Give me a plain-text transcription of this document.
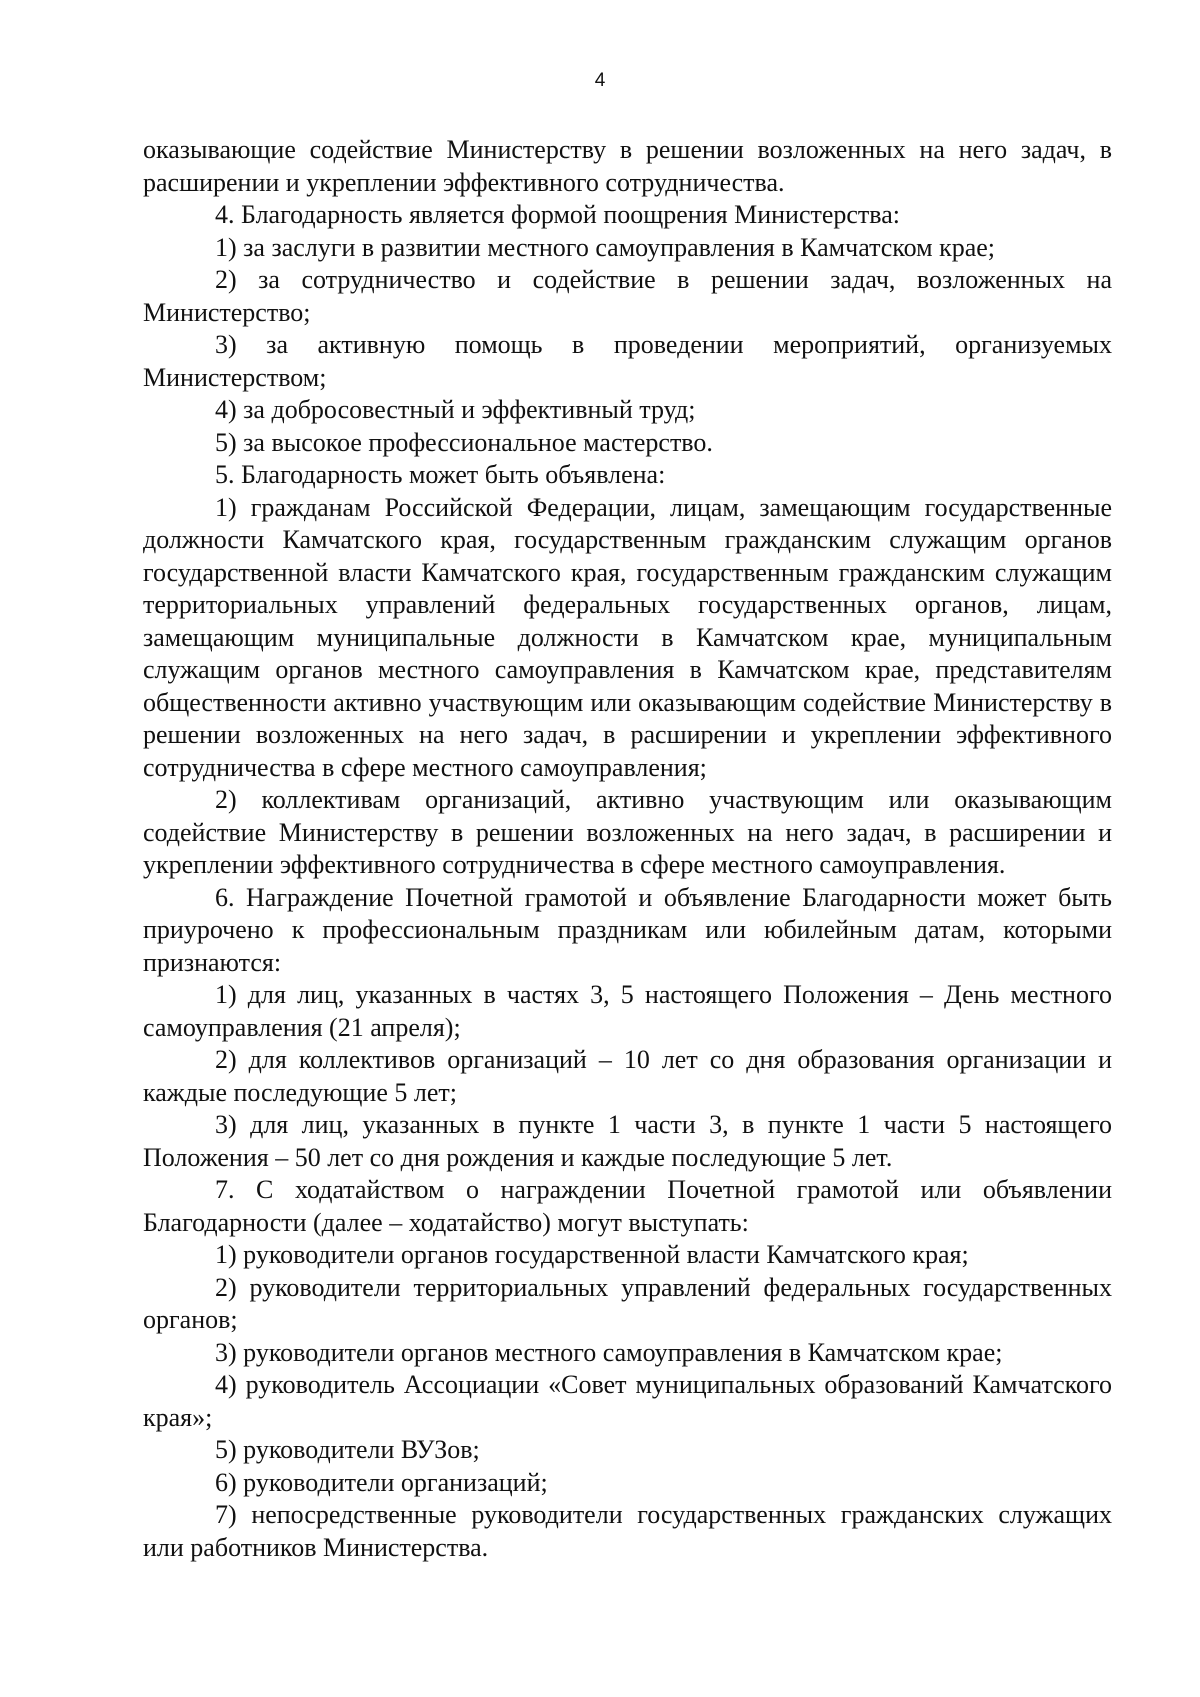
4

оказывающие содействие Министерству в решении возложенных на него задач, в расширении и укреплении эффективного сотрудничества.

4. Благодарность является формой поощрения Министерства:

1) за заслуги в развитии местного самоуправления в Камчатском крае;

2) за сотрудничество и содействие в решении задач, возложенных на Министерство;

3) за активную помощь в проведении мероприятий, организуемых Министерством;

4) за добросовестный и эффективный труд;

5) за высокое профессиональное мастерство.

5. Благодарность может быть объявлена:

1) гражданам Российской Федерации, лицам, замещающим государственные должности Камчатского края, государственным гражданским служащим органов государственной власти Камчатского края, государственным гражданским служащим территориальных управлений федеральных государственных органов, лицам, замещающим муниципальные должности в Камчатском крае, муниципальным служащим органов местного самоуправления в Камчатском крае, представителям общественности активно участвующим или оказывающим содействие Министерству в решении возложенных на него задач, в расширении и укреплении эффективного сотрудничества в сфере местного самоуправления;

2) коллективам организаций, активно участвующим или оказывающим содействие Министерству в решении возложенных на него задач, в расширении и укреплении эффективного сотрудничества в сфере местного самоуправления.

6. Награждение Почетной грамотой и объявление Благодарности может быть приурочено к профессиональным праздникам или юбилейным датам, которыми признаются:

1) для лиц, указанных в частях 3, 5 настоящего Положения – День местного самоуправления (21 апреля);

2) для коллективов организаций – 10 лет со дня образования организации и каждые последующие 5 лет;

3) для лиц, указанных в пункте 1 части 3, в пункте 1 части 5 настоящего Положения – 50 лет со дня рождения и каждые последующие 5 лет.

7. С ходатайством о награждении Почетной грамотой или объявлении Благодарности (далее – ходатайство) могут выступать:

1) руководители органов государственной власти Камчатского края;

2) руководители территориальных управлений федеральных государственных органов;

3) руководители органов местного самоуправления в Камчатском крае;

4) руководитель Ассоциации «Совет муниципальных образований Камчатского края»;

5) руководители ВУЗов;

6) руководители организаций;

7) непосредственные руководители государственных гражданских служащих или работников Министерства.
